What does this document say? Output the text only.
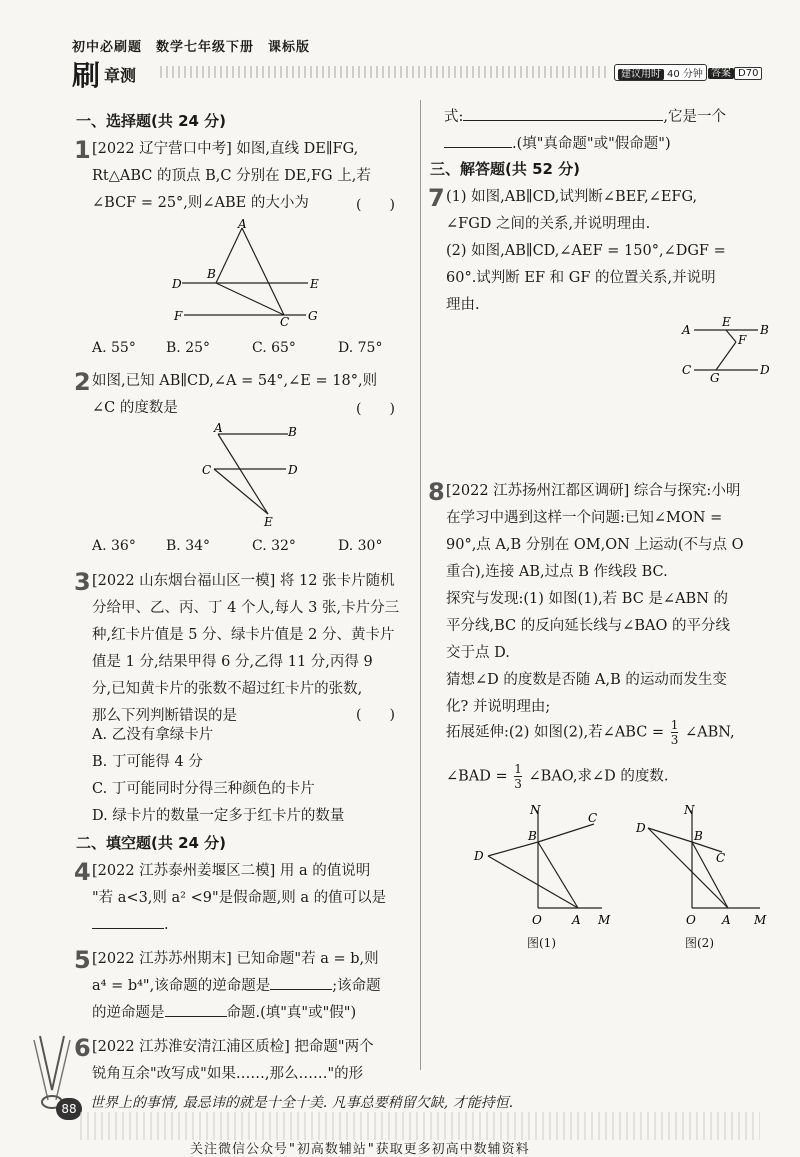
初中必刷题　数学七年级下册　课标版
刷章测	建议用时 40 分钟 答案 D70
一、选择题(共 24 分)
1 [2022 辽宁营口中考] 如图,直线 DE∥FG,
Rt△ABC 的顶点 B,C 分别在 DE,FG 上,若
∠BCF = 25°,则∠ABE 的大小为	(　　)
A
B
C
D	E
F	G
A. 55° B. 25°	C. 65°	D. 75°
2 如图,已知 AB∥CD,∠A = 54°,∠E = 18°,则
∠C 的度数是	(　　)
A	B
C	D
E
A. 36° B. 34°	C. 32°	D. 30°
3 [2022 山东烟台福山区一模] 将 12 张卡片随机
分给甲、乙、丙、丁 4 个人,每人 3 张,卡片分三
种,红卡片值是 5 分、绿卡片值是 2 分、黄卡片
值是 1 分,结果甲得 6 分,乙得 11 分,丙得 9
分,已知黄卡片的张数不超过红卡片的张数,
那么下列判断错误的是	(　　)
A. 乙没有拿绿卡片
B. 丁可能得 4 分
C. 丁可能同时分得三种颜色的卡片
D. 绿卡片的数量一定多于红卡片的数量
二、填空题(共 24 分)
4 [2022 江苏泰州姜堰区二模] 用 a 的值说明
"若 a<3,则 a² <9"是假命题,则 a 的值可以是
.
5 [2022 江苏苏州期末] 已知命题"若 a = b,则
a⁴ = b⁴",该命题的逆命题是	;该命题
的逆命题是	命题.(填"真"或"假")
6 [2022 江苏淮安清江浦区质检] 把命题"两个
锐角互余"改写成"如果……,那么……"的形
式:	,它是一个
.(填"真命题"或"假命题")
三、解答题(共 52 分)
7 (1) 如图,AB∥CD,试判断∠BEF,∠EFG,
∠FGD 之间的关系,并说明理由.
(2) 如图,AB∥CD,∠AEF = 150°,∠DGF =
60°.试判断 EF 和 GF 的位置关系,并说明
理由.
A	B
E
F
C	D
G
8 [2022 江苏扬州江都区调研] 综合与探究:小明
在学习中遇到这样一个问题:已知∠MON =
90°,点 A,B 分别在 OM,ON 上运动(不与点 O
重合),连接 AB,过点 B 作线段 BC.
探究与发现:(1) 如图(1),若 BC 是∠ABN 的
平分线,BC 的反向延长线与∠BAO 的平分线
交于点 D.
猜想∠D 的度数是否随 A,B 的运动而发生变
化? 并说明理由;
拓展延伸:(2) 如图(2),若∠ABC = $\frac{1}{3}$ ∠ABN,
∠BAD = $\frac{1}{3}$ ∠BAO,求∠D 的度数.
N
B
C
D
O	A M
图(1)
N
B
C
D
O A M
图(2)
88 世界上的事情, 最忌讳的就是十全十美. 凡事总要稍留欠缺, 才能持恒.
关注微信公众号"初高数辅站"获取更多初高中数辅资料
